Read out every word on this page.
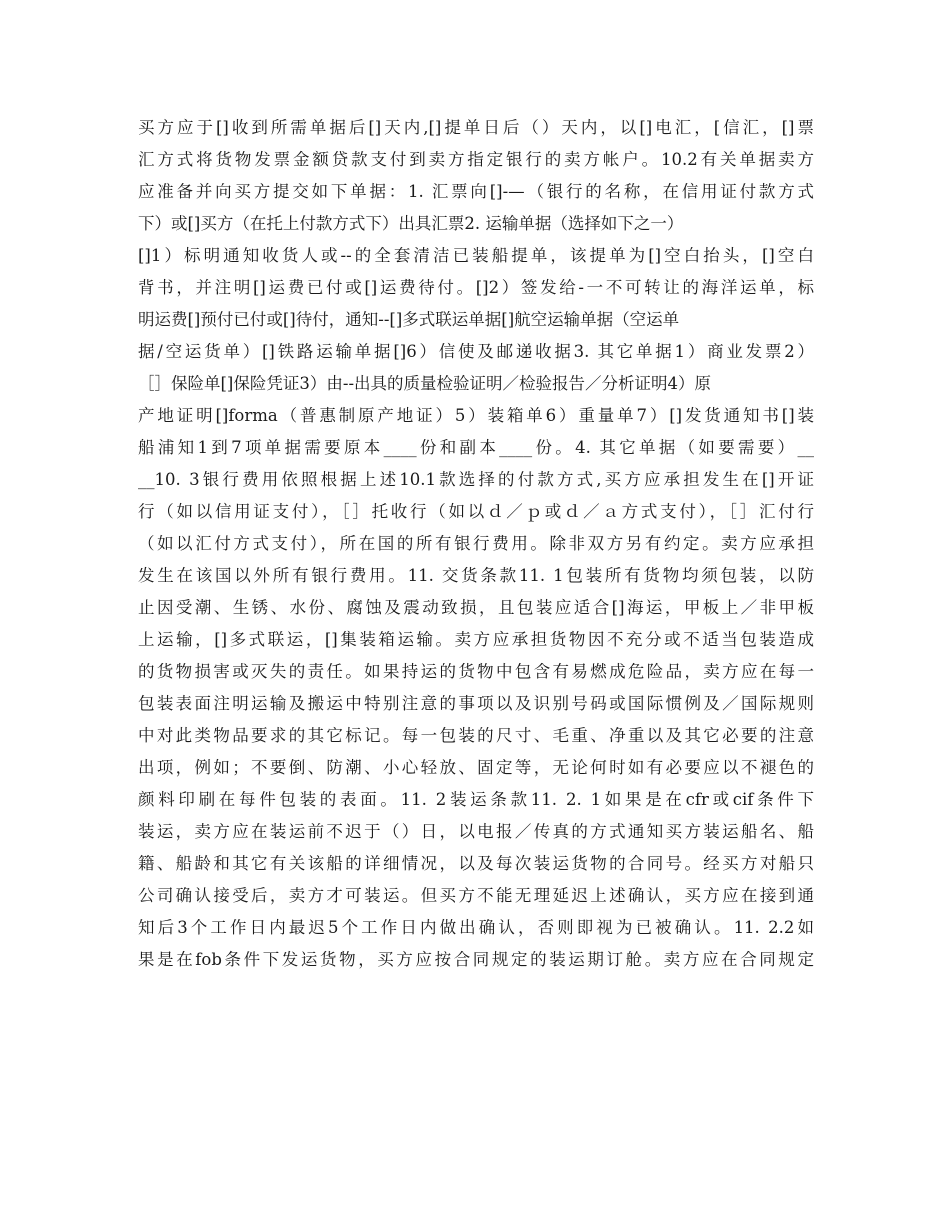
买方应于[]收到所需单据后[]天内,[]提单日后（）天内，以[]电汇，[信汇，[]票
汇方式将货物发票金额贷款支付到卖方指定银行的卖方帐户。10.2有关单据卖方
应准备并向买方提交如下单据：1. 汇票向[]-—（银行的名称，在信用证付款方式
下）或[]买方（在托上付款方式下）出具汇票2. 运输单据（选择如下之一）
[]1）标明通知收货人或--的全套清洁已装船提单，该提单为[]空白抬头，[]空白
背书，并注明[]运费已付或[]运费待付。[]2）签发给-一不可转让的海洋运单，标
明运费[]预付已付或[]待付，通知--[]多式联运单据[]航空运输单据（空运单
据/空运货单）[]铁路运输单据[]6）信使及邮递收据3. 其它单据1）商业发票2）
［］保险单[]保险凭证3）由--出具的质量检验证明／检验报告／分析证明4）原
产地证明[]forma（普惠制原产地证）5）装箱单6）重量单7）[]发货通知书[]装
船浦知1到7项单据需要原本____份和副本____份。4. 其它单据（如要需要）__
__10. 3银行费用依照根据上述10.1款选择的付款方式,买方应承担发生在[]开证
行（如以信用证支付），［］托收行（如以ｄ／ｐ或ｄ／ａ方式支付），［］汇付行
（如以汇付方式支付），所在国的所有银行费用。除非双方另有约定。卖方应承担
发生在该国以外所有银行费用。11. 交货条款11. 1包装所有货物均须包装，以防
止因受潮、生锈、水份、腐蚀及震动致损，且包装应适合[]海运，甲板上／非甲板
上运输，[]多式联运，[]集装箱运输。卖方应承担货物因不充分或不适当包装造成
的货物损害或灭失的责任。如果持运的货物中包含有易燃成危险品，卖方应在每一
包装表面注明运输及搬运中特别注意的事项以及识别号码或国际惯例及／国际规则
中对此类物品要求的其它标记。每一包装的尺寸、毛重、净重以及其它必要的注意
出项，例如；不要倒、防潮、小心轻放、固定等，无论何时如有必要应以不褪色的
颜料印刷在每件包装的表面。11. 2装运条款11. 2. 1如果是在cfr或cif条件下
装运，卖方应在装运前不迟于（）日，以电报／传真的方式通知买方装运船名、船
籍、船龄和其它有关该船的详细情况，以及每次装运货物的合同号。经买方对船只
公司确认接受后，卖方才可装运。但买方不能无理延迟上述确认，买方应在接到通
知后3个工作日内最迟5个工作日内做出确认，否则即视为已被确认。11. 2.2如
果是在fob条件下发运货物，买方应按合同规定的装运期订舱。卖方应在合同规定
